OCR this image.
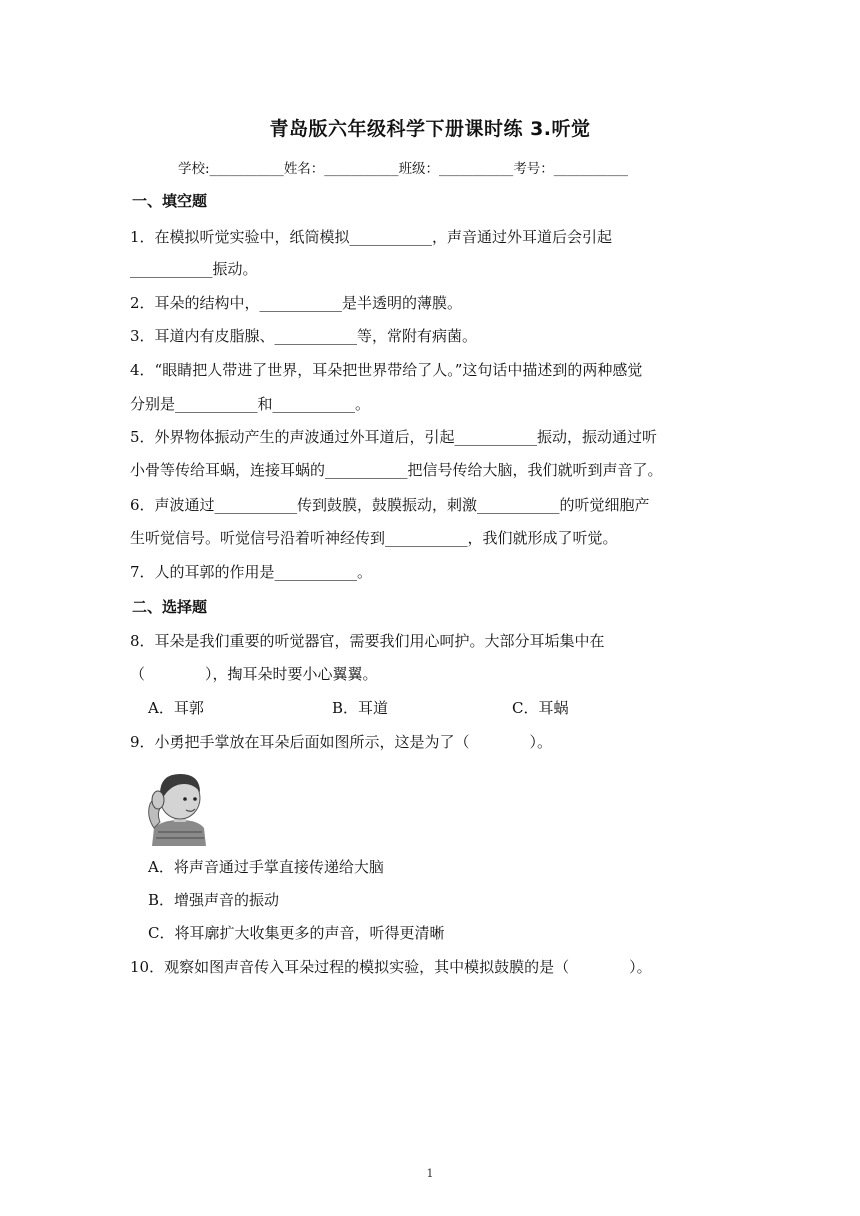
青岛版六年级科学下册课时练 3.听觉
学校:___________姓名：___________班级：___________考号：___________
一、填空题
1．在模拟听觉实验中，纸筒模拟___________，声音通过外耳道后会引起
___________振动。
2．耳朵的结构中，___________是半透明的薄膜。
3．耳道内有皮脂腺、___________等，常附有病菌。
4．“眼睛把人带进了世界，耳朵把世界带给了人。”这句话中描述到的两种感觉
分别是___________和___________。
5．外界物体振动产生的声波通过外耳道后，引起___________振动，振动通过听
小骨等传给耳蜗，连接耳蜗的___________把信号传给大脑，我们就听到声音了。
6．声波通过___________传到鼓膜，鼓膜振动，刺激___________的听觉细胞产
生听觉信号。听觉信号沿着听神经传到___________，我们就形成了听觉。
7．人的耳郭的作用是___________。
二、选择题
8．耳朵是我们重要的听觉器官，需要我们用心呵护。大部分耳垢集中在
（　　　　），掏耳朵时要小心翼翼。
A．耳郭	B．耳道	C．耳蜗
9．小勇把手掌放在耳朵后面如图所示，这是为了（　　　　）。
A．将声音通过手掌直接传递给大脑
B．增强声音的振动
C．将耳廓扩大收集更多的声音，听得更清晰
10．观察如图声音传入耳朵过程的模拟实验，其中模拟鼓膜的是（　　　　）。
1
